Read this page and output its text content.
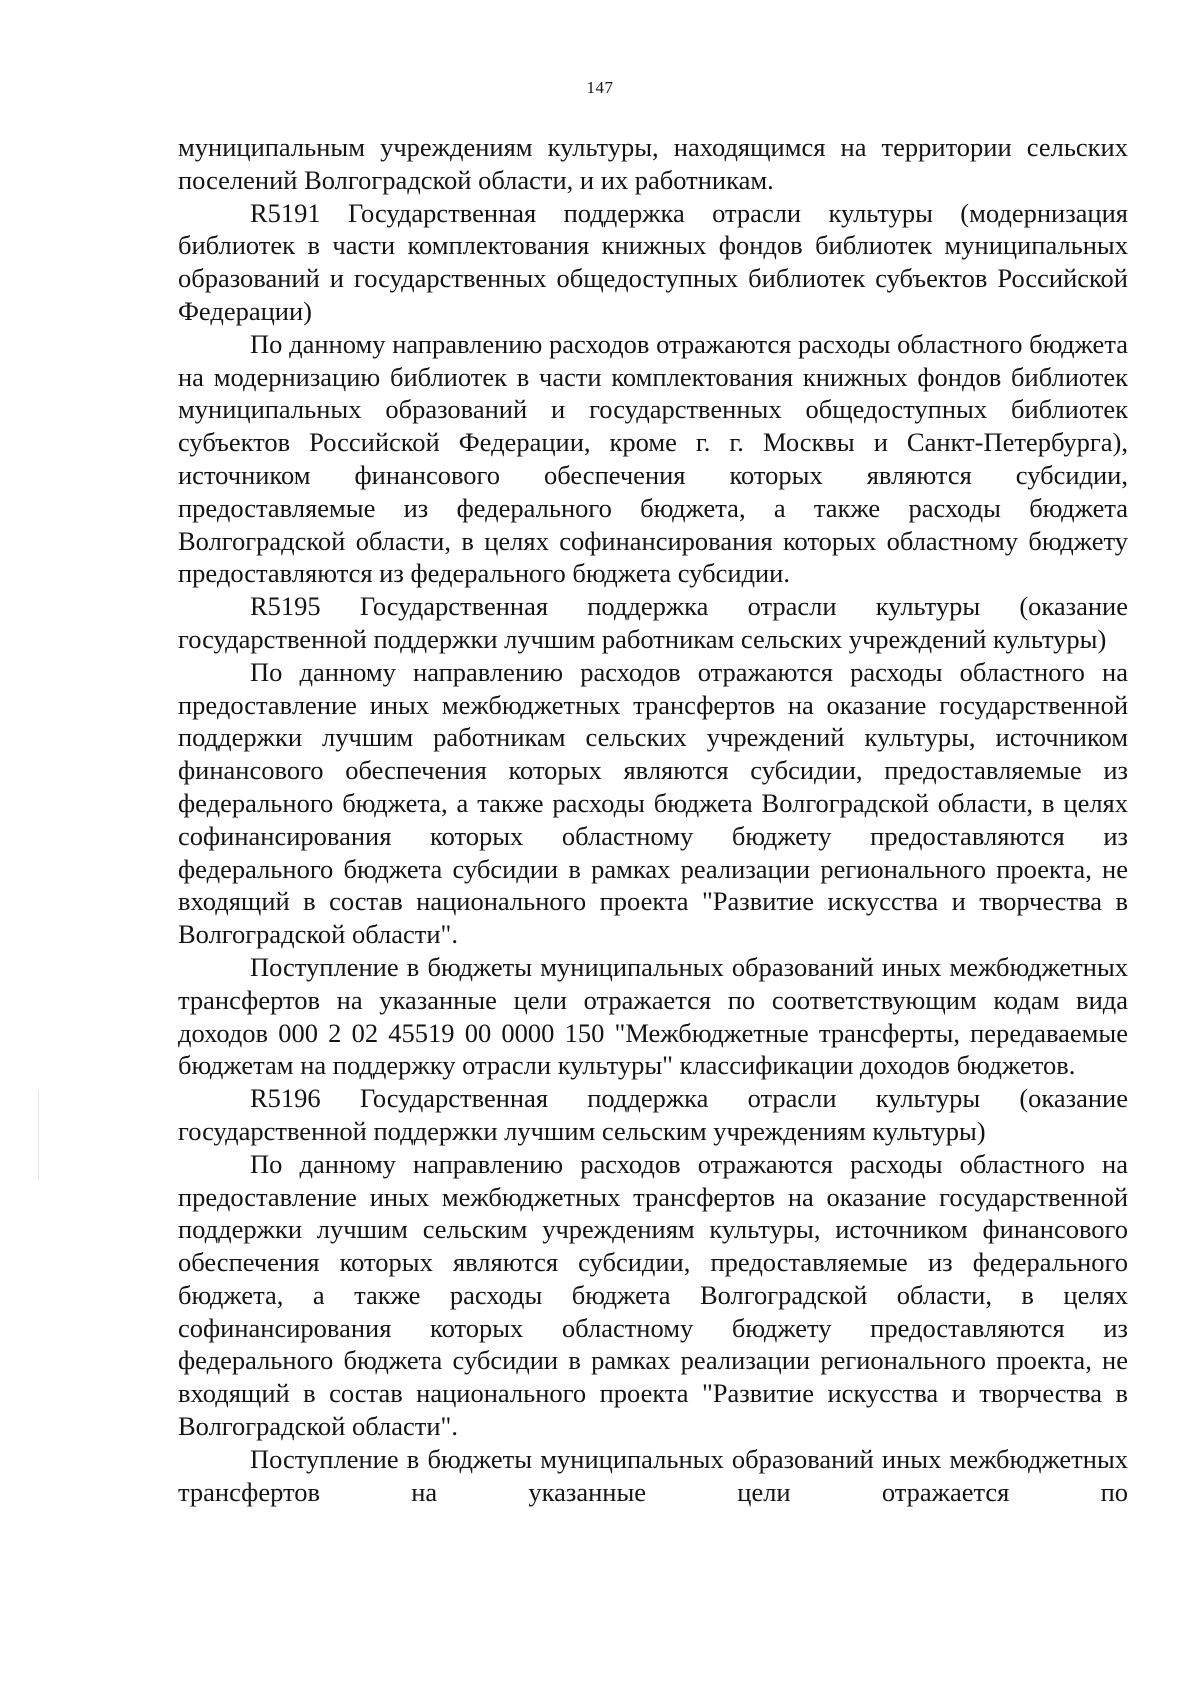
147

муниципальным учреждениям культуры, находящимся на территории сельских поселений Волгоградской области, и их работникам.

R5191 Государственная поддержка отрасли культуры (модернизация библиотек в части комплектования книжных фондов библиотек муниципальных образований и государственных общедоступных библиотек субъектов Российской Федерации)

По данному направлению расходов отражаются расходы областного бюджета на модернизацию библиотек в части комплектования книжных фондов библиотек муниципальных образований и государственных общедоступных библиотек субъектов Российской Федерации, кроме г. г. Москвы и Санкт-Петербурга), источником финансового обеспечения которых являются субсидии, предоставляемые из федерального бюджета, а также расходы бюджета Волгоградской области, в целях софинансирования которых областному бюджету предоставляются из федерального бюджета субсидии.

R5195 Государственная поддержка отрасли культуры (оказание государственной поддержки лучшим работникам сельских учреждений культуры)

По данному направлению расходов отражаются расходы областного на предоставление иных межбюджетных трансфертов на оказание государственной поддержки лучшим работникам сельских учреждений культуры, источником финансового обеспечения которых являются субсидии, предоставляемые из федерального бюджета, а также расходы бюджета Волгоградской области, в целях софинансирования которых областному бюджету предоставляются из федерального бюджета субсидии в рамках реализации регионального проекта, не входящий в состав национального проекта "Развитие искусства и творчества в Волгоградской области".

Поступление в бюджеты муниципальных образований иных межбюджетных трансфертов на указанные цели отражается по соответствующим кодам вида доходов 000 2 02 45519 00 0000 150 "Межбюджетные трансферты, передаваемые бюджетам на поддержку отрасли культуры" классификации доходов бюджетов.

R5196 Государственная поддержка отрасли культуры (оказание государственной поддержки лучшим сельским учреждениям культуры)

По данному направлению расходов отражаются расходы областного на предоставление иных межбюджетных трансфертов на оказание государственной поддержки лучшим сельским учреждениям культуры, источником финансового обеспечения которых являются субсидии, предоставляемые из федерального бюджета, а также расходы бюджета Волгоградской области, в целях софинансирования которых областному бюджету предоставляются из федерального бюджета субсидии в рамках реализации регионального проекта, не входящий в состав национального проекта "Развитие искусства и творчества в Волгоградской области".

Поступление в бюджеты муниципальных образований иных межбюджетных трансфертов на указанные цели отражается по
